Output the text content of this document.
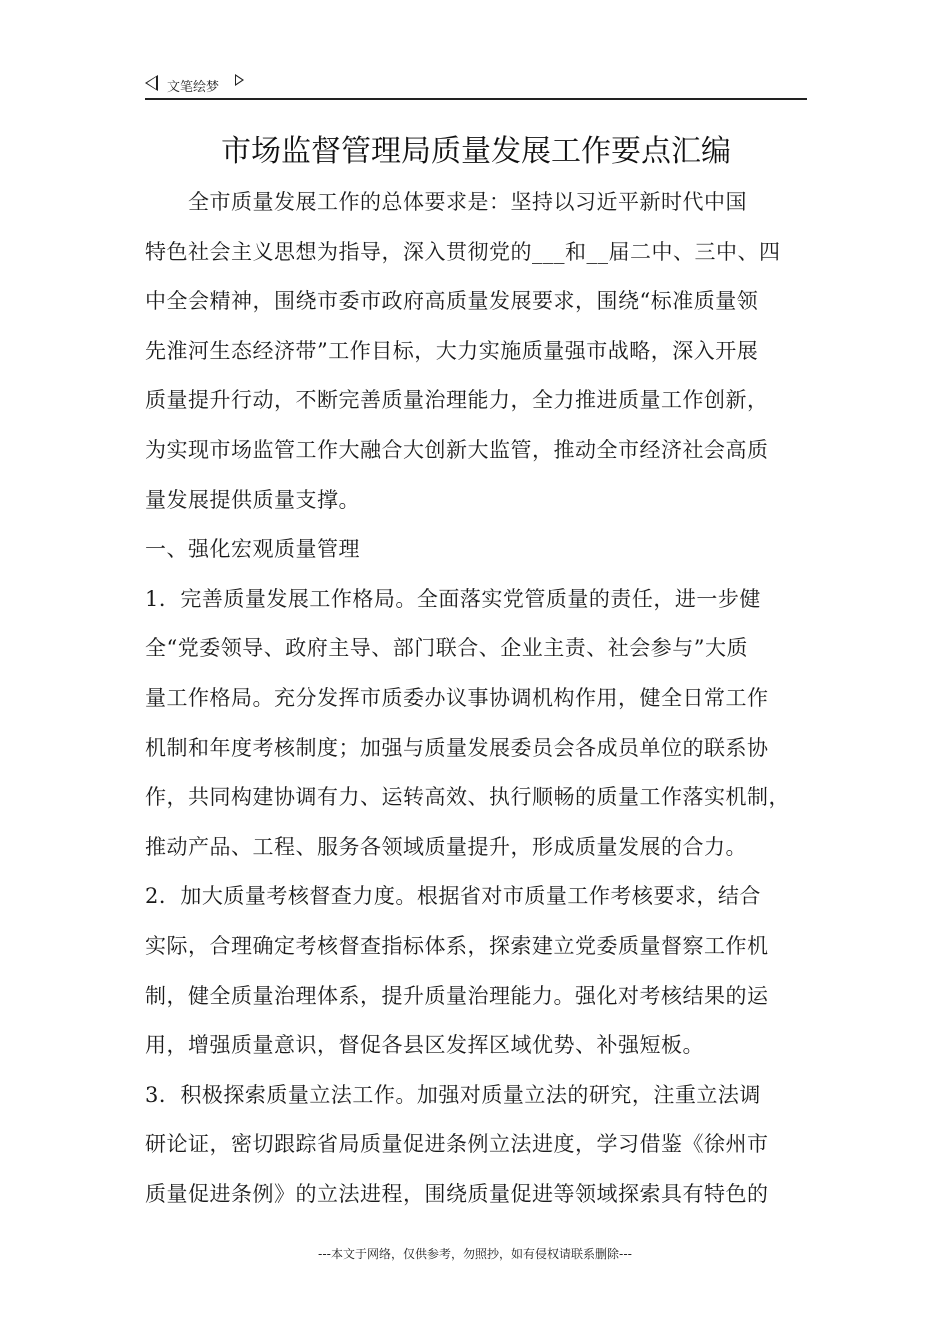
文笔绘梦
市场监督管理局质量发展工作要点汇编
　　全市质量发展工作的总体要求是：坚持以习近平新时代中国
特色社会主义思想为指导，深入贯彻党的___和__届二中、三中、四
中全会精神，围绕市委市政府高质量发展要求，围绕“标准质量领
先淮河生态经济带”工作目标，大力实施质量强市战略，深入开展
质量提升行动，不断完善质量治理能力，全力推进质量工作创新，
为实现市场监管工作大融合大创新大监管，推动全市经济社会高质
量发展提供质量支撑。
一、强化宏观质量管理
1．完善质量发展工作格局。全面落实党管质量的责任，进一步健
全“党委领导、政府主导、部门联合、企业主责、社会参与”大质
量工作格局。充分发挥市质委办议事协调机构作用，健全日常工作
机制和年度考核制度；加强与质量发展委员会各成员单位的联系协
作，共同构建协调有力、运转高效、执行顺畅的质量工作落实机制，
推动产品、工程、服务各领域质量提升，形成质量发展的合力。
2．加大质量考核督查力度。根据省对市质量工作考核要求，结合
实际，合理确定考核督查指标体系，探索建立党委质量督察工作机
制，健全质量治理体系，提升质量治理能力。强化对考核结果的运
用，增强质量意识，督促各县区发挥区域优势、补强短板。
3．积极探索质量立法工作。加强对质量立法的研究，注重立法调
研论证，密切跟踪省局质量促进条例立法进度，学习借鉴《徐州市
质量促进条例》的立法进程，围绕质量促进等领域探索具有特色的
---本文于网络，仅供参考，勿照抄，如有侵权请联系删除---
